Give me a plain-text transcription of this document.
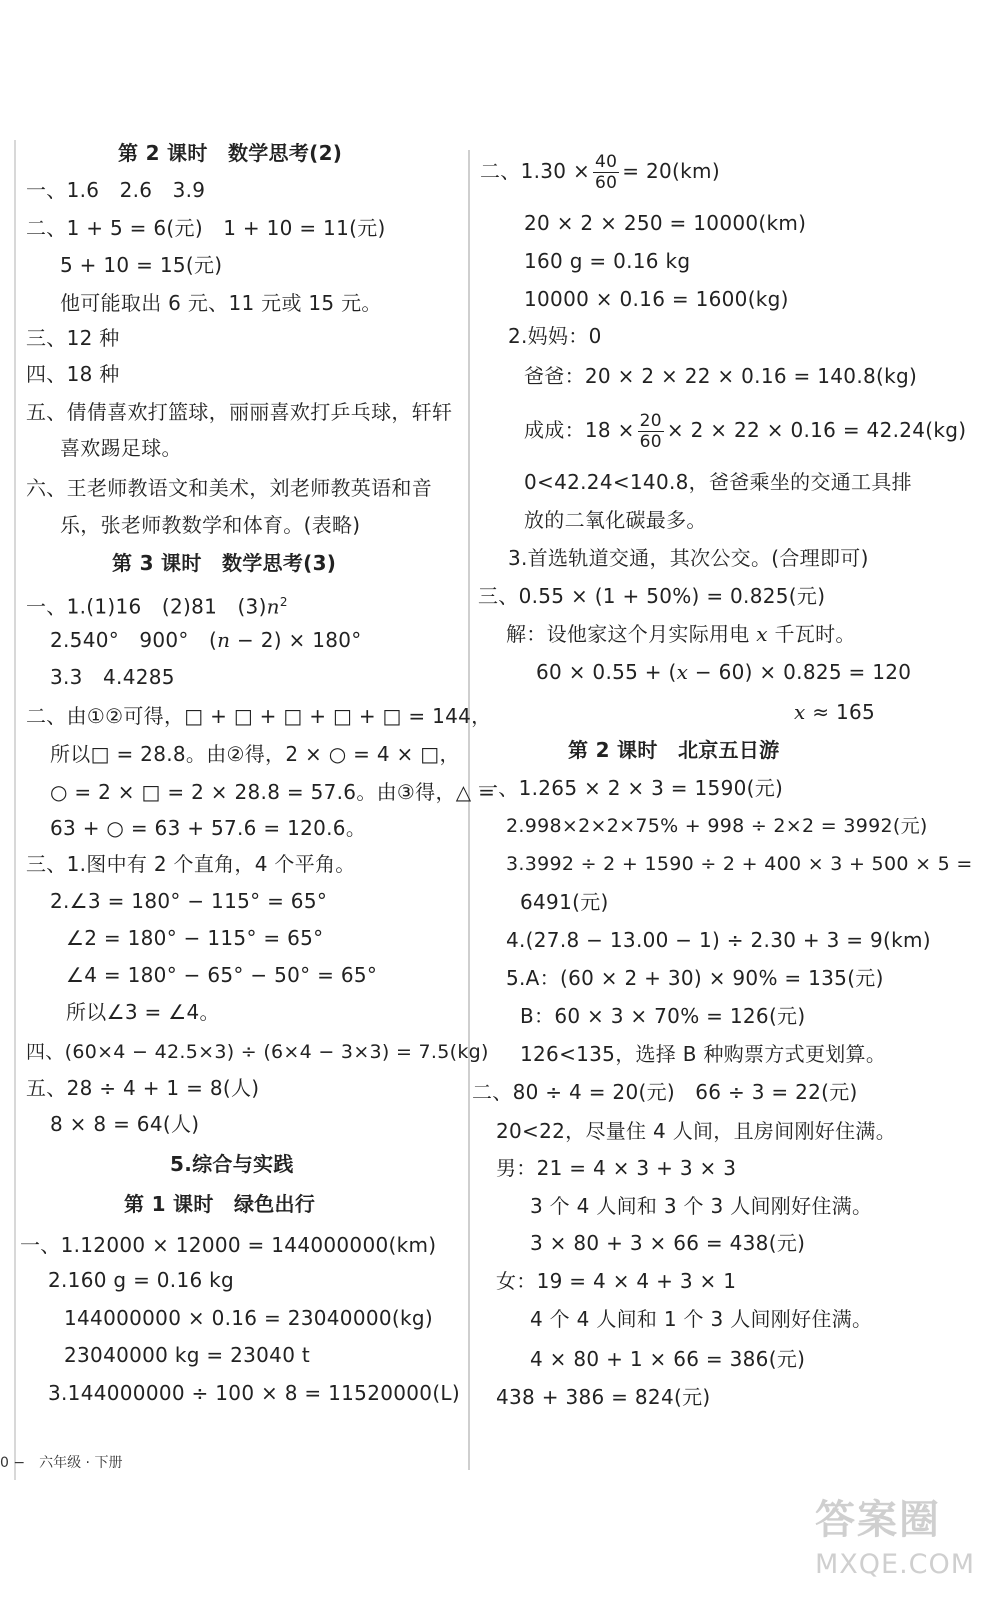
第 2 课时　数学思考(2)
一、1.6　2.6　3.9
二、1 + 5 = 6(元)　1 + 10 = 11(元)
5 + 10 = 15(元)
他可能取出 6 元、11 元或 15 元。
三、12 种
四、18 种
五、倩倩喜欢打篮球，丽丽喜欢打乒乓球，轩轩
喜欢踢足球。
六、王老师教语文和美术，刘老师教英语和音
乐，张老师教数学和体育。(表略)
第 3 课时　数学思考(3)
一、1.(1)16　(2)81　$(3)n^2$
2.540°　900°　(n − 2) × 180°
3.3　4.4285
二、由①②可得，□ + □ + □ + □ + □ = 144，
所以□ = 28.8。由②得，2 × ○ = 4 × □，
○ = 2 × □ = 2 × 28.8 = 57.6。由③得，△ =
63 + ○ = 63 + 57.6 = 120.6。
三、1.图中有 2 个直角，4 个平角。
2.∠3 = 180° − 115° = 65°
∠2 = 180° − 115° = 65°
∠4 = 180° − 65° − 50° = 65°
所以∠3 = ∠4。
四、(60×4 − 42.5×3) ÷ (6×4 − 3×3) = 7.5(kg)
五、28 ÷ 4 + 1 = 8(人)
8 × 8 = 64(人)
5.综合与实践
第 1 课时　绿色出行
一、1.12000 × 12000 = 144000000(km)
2.160 g = 0.16 kg
144000000 × 0.16 = 23040000(kg)
23040000 kg = 23040 t
3.144000000 ÷ 100 × 8 = 11520000(L)
二、$1.30 \times \frac{40}{60} = 20(km)$
20 × 2 × 250 = 10000(km)
160 g = 0.16 kg
10000 × 0.16 = 1600(kg)
2.妈妈：0
爸爸：20 × 2 × 22 × 0.16 = 140.8(kg)
成成：$18 \times \frac{20}{60} \times 2 \times 22 \times 0.16 = 42.24(kg)$
0<42.24<140.8，爸爸乘坐的交通工具排
放的二氧化碳最多。
3.首选轨道交通，其次公交。(合理即可)
三、0.55 × (1 + 50%) = 0.825(元)
解：设他家这个月实际用电 x 千瓦时。
60 × 0.55 + (x − 60) × 0.825 = 120
x ≈ 165
第 2 课时　北京五日游
一、1.265 × 2 × 3 = 1590(元)
2.998×2×2×75% + 998 ÷ 2×2 = 3992(元)
3.3992 ÷ 2 + 1590 ÷ 2 + 400 × 3 + 500 × 5 =
6491(元)
4.(27.8 − 13.00 − 1) ÷ 2.30 + 3 = 9(km)
5.A：(60 × 2 + 30) × 90% = 135(元)
B：60 × 3 × 70% = 126(元)
126<135，选择 B 种购票方式更划算。
二、80 ÷ 4 = 20(元)　66 ÷ 3 = 22(元)
20<22，尽量住 4 人间，且房间刚好住满。
男：21 = 4 × 3 + 3 × 3
3 个 4 人间和 3 个 3 人间刚好住满。
3 × 80 + 3 × 66 = 438(元)
女：19 = 4 × 4 + 3 × 1
4 个 4 人间和 1 个 3 人间刚好住满。
4 × 80 + 1 × 66 = 386(元)
438 + 386 = 824(元)
0 −　六年级 · 下册
答案圈
MXQE.COM
